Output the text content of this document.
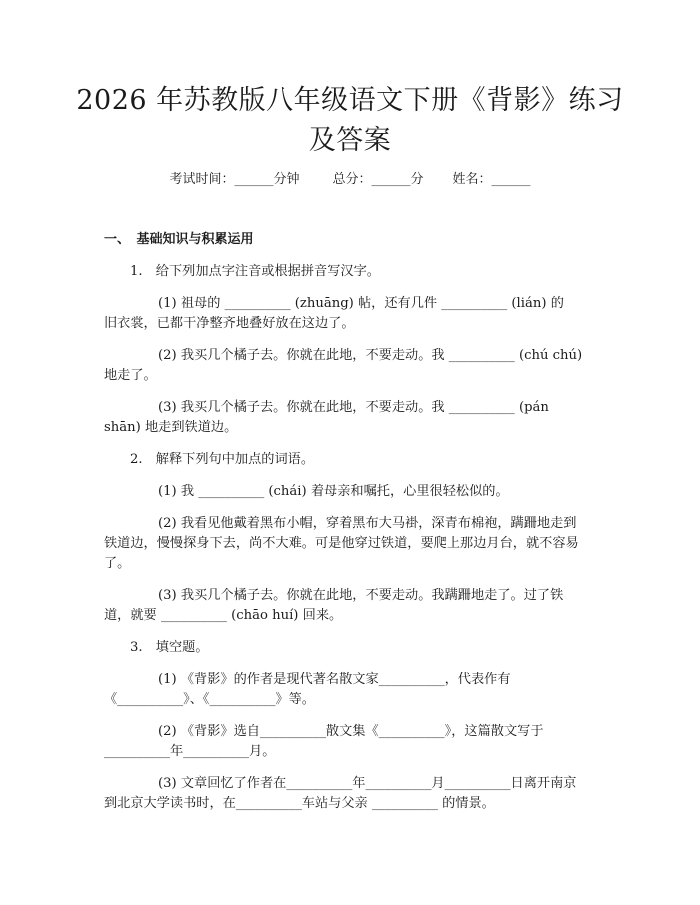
2026 年苏教版八年级语文下册《背影》练习
及答案
考试时间：______分钟	总分：______分 姓名：______
一、　基础知识与积累运用
1.　给下列加点字注音或根据拼音写汉字。
(1) 祖母的 __________ (zhuāng) 帖，还有几件 __________ (lián) 的
旧衣裳，已都干净整齐地叠好放在这边了。
(2) 我买几个橘子去。你就在此地，不要走动。我 __________ (chú chú)
地走了。
(3) 我买几个橘子去。你就在此地，不要走动。我 __________ (pán
shān) 地走到铁道边。
2.　解释下列句中加点的词语。
(1) 我 __________ (chái) 着母亲和嘱托，心里很轻松似的。
(2) 我看见他戴着黑布小帽，穿着黑布大马褂，深青布棉袍，蹒跚地走到
铁道边，慢慢探身下去，尚不大难。可是他穿过铁道，要爬上那边月台，就不容易
了。
(3) 我买几个橘子去。你就在此地，不要走动。我蹒跚地走了。过了铁
道，就要 __________ (chāo huí) 回来。
3.　填空题。
(1) 《背影》的作者是现代著名散文家__________，代表作有
《__________》、《__________》等。
(2) 《背影》选自__________散文集《__________》，这篇散文写于
__________年__________月。
(3) 文章回忆了作者在__________年__________月__________日离开南京
到北京大学读书时，在__________车站与父亲 __________ 的情景。
